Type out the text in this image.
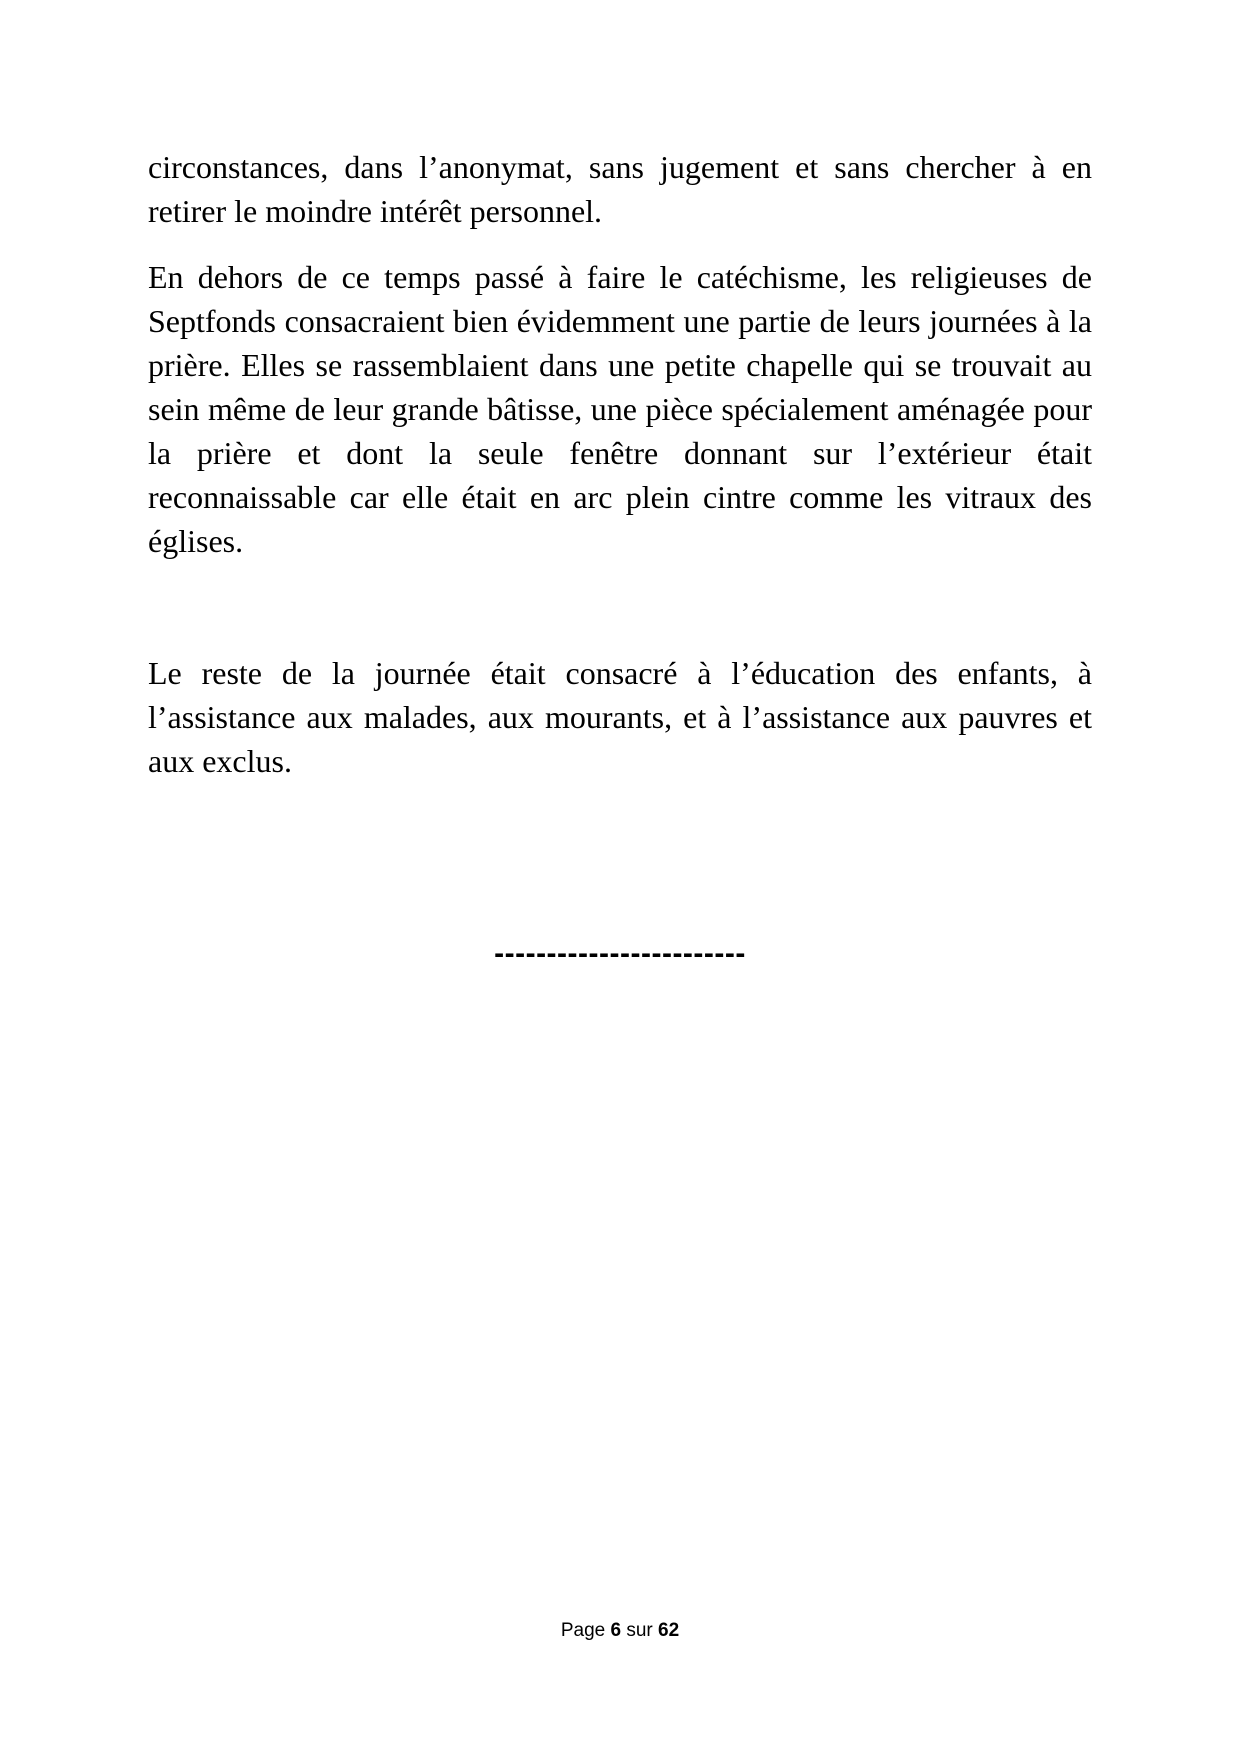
circonstances, dans l’anonymat, sans jugement et sans chercher à en retirer le moindre intérêt personnel.

En dehors de ce temps passé à faire le catéchisme, les religieuses de Septfonds consacraient bien évidemment une partie de leurs journées à la prière. Elles se rassemblaient dans une petite chapelle qui se trouvait au sein même de leur grande bâtisse, une pièce spécialement aménagée pour la prière et dont la seule fenêtre donnant sur l’extérieur était reconnaissable car elle était en arc plein cintre comme les vitraux des églises.

Le reste de la journée était consacré à l’éducation des enfants, à l’assistance aux malades, aux mourants, et à l’assistance aux pauvres et aux exclus.

------------------------
Page 6 sur 62
